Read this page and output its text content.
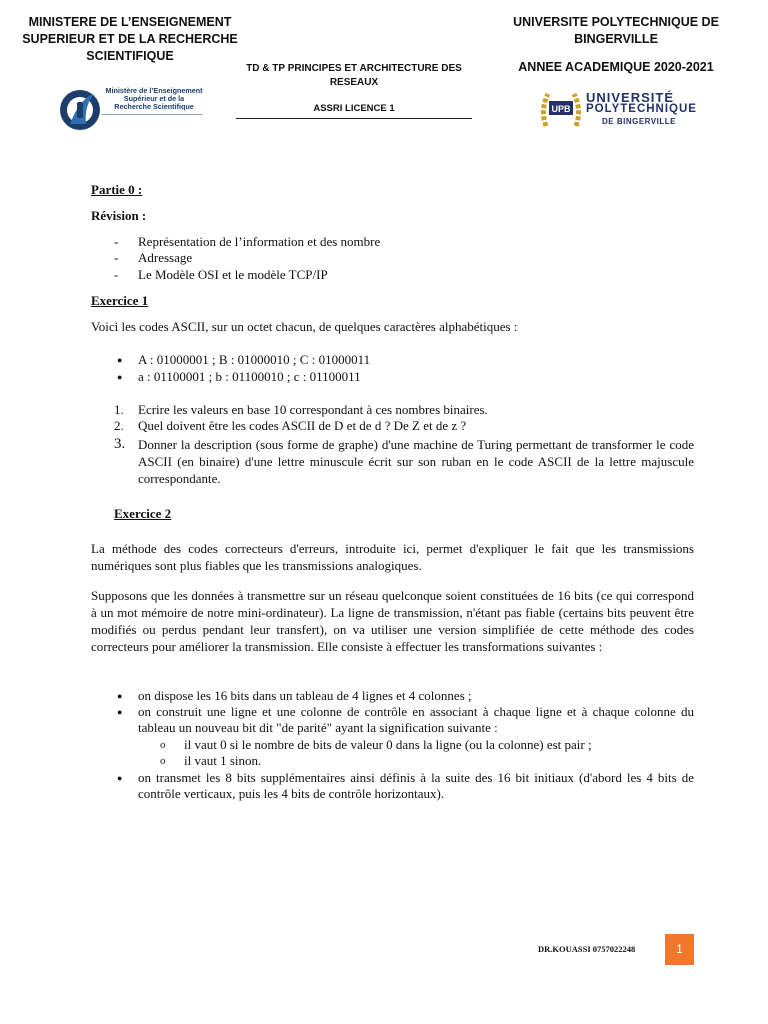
MINISTERE DE L’ENSEIGNEMENT SUPERIEUR ET DE LA RECHERCHE SCIENTIFIQUE
Ministère de l’Enseignement
Supérieur et de la
Recherche Scientifique
TD & TP PRINCIPES ET ARCHITECTURE DES RESEAUX
ASSRI LICENCE 1
UNIVERSITE POLYTECHNIQUE DE BINGERVILLE
ANNEE ACADEMIQUE 2020-2021
UPB
UNIVERSITÉ
POLYTECHNIQUE
DE BINGERVILLE
Partie 0 :
Révision :
- Représentation de l’information et des nombre
- Adressage
- Le Modèle OSI et le modèle TCP/IP
Exercice 1
Voici les codes ASCII, sur un octet chacun, de quelques caractères alphabétiques :
● A : 01000001 ; B : 01000010 ; C : 01000011
● a : 01100001 ; b : 01100010 ; c : 01100011
1. Ecrire les valeurs en base 10 correspondant à ces nombres binaires.
2. Quel doivent être les codes ASCII de D et de d ? De Z et de z ?
3. Donner la description (sous forme de graphe) d'une machine de Turing permettant de transformer le code ASCII (en binaire) d'une lettre minuscule écrit sur son ruban en le code ASCII de la lettre majuscule correspondante.
Exercice 2
La méthode des codes correcteurs d'erreurs, introduite ici, permet d'expliquer le fait que les transmissions numériques sont plus fiables que les transmissions analogiques.
Supposons que les données à transmettre sur un réseau quelconque soient constituées de 16 bits (ce qui correspond à un mot mémoire de notre mini-ordinateur). La ligne de transmission, n'étant pas fiable (certains bits peuvent être modifiés ou perdus pendant leur transfert), on va utiliser une version simplifiée de cette méthode des codes correcteurs pour améliorer la transmission. Elle consiste à effectuer les transformations suivantes :
● on dispose les 16 bits dans un tableau de 4 lignes et 4 colonnes ;
● on construit une ligne et une colonne de contrôle en associant à chaque ligne et à chaque colonne du tableau un nouveau bit dit "de parité" ayant la signification suivante :
o il vaut 0 si le nombre de bits de valeur 0 dans la ligne (ou la colonne) est pair ;
o il vaut 1 sinon.
● on transmet les 8 bits supplémentaires ainsi définis à la suite des 16 bit initiaux (d'abord les 4 bits de contrôle verticaux, puis les 4 bits de contrôle horizontaux).
DR.KOUASSI 0757022248	1
